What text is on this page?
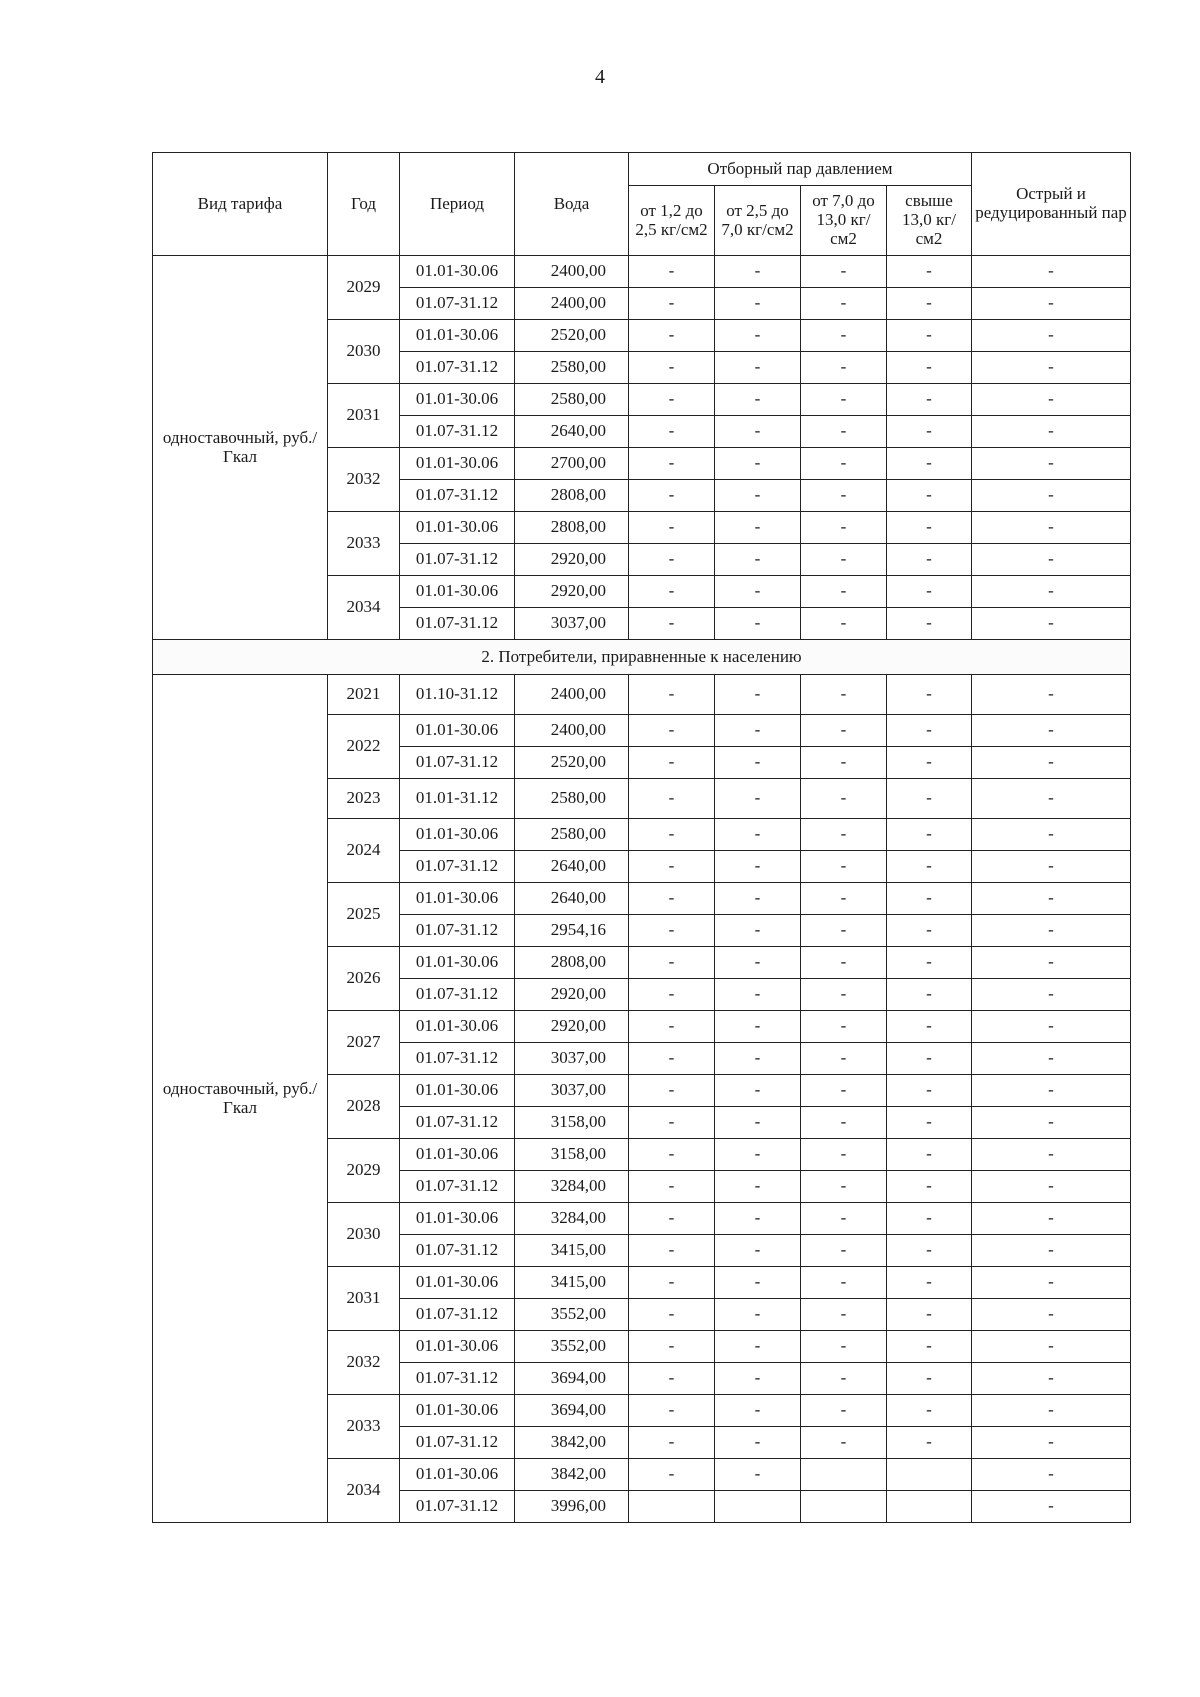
4
Вид тарифа	Год	Период	Вода	Отборный пар давлением				Острый и редуцированный пар
				от 1,2 до 2,5 кг/см2	от 2,5 до 7,0 кг/см2	от 7,0 до 13,0 кг/см2	свыше 13,0 кг/см2	
одноставочный, руб./Гкал	2029	01.01-30.06	2400,00	-	-	-	-	-
		01.07-31.12	2400,00	-	-	-	-	-
	2030	01.01-30.06	2520,00	-	-	-	-	-
		01.07-31.12	2580,00	-	-	-	-	-
	2031	01.01-30.06	2580,00	-	-	-	-	-
		01.07-31.12	2640,00	-	-	-	-	-
	2032	01.01-30.06	2700,00	-	-	-	-	-
		01.07-31.12	2808,00	-	-	-	-	-
	2033	01.01-30.06	2808,00	-	-	-	-	-
		01.07-31.12	2920,00	-	-	-	-	-
	2034	01.01-30.06	2920,00	-	-	-	-	-
		01.07-31.12	3037,00	-	-	-	-	-
2. Потребители, приравненные к населению								
одноставочный, руб./Гкал	2021	01.10-31.12	2400,00	-	-	-	-	-
	2022	01.01-30.06	2400,00	-	-	-	-	-
		01.07-31.12	2520,00	-	-	-	-	-
	2023	01.01-31.12	2580,00	-	-	-	-	-
	2024	01.01-30.06	2580,00	-	-	-	-	-
		01.07-31.12	2640,00	-	-	-	-	-
	2025	01.01-30.06	2640,00	-	-	-	-	-
		01.07-31.12	2954,16	-	-	-	-	-
	2026	01.01-30.06	2808,00	-	-	-	-	-
		01.07-31.12	2920,00	-	-	-	-	-
	2027	01.01-30.06	2920,00	-	-	-	-	-
		01.07-31.12	3037,00	-	-	-	-	-
	2028	01.01-30.06	3037,00	-	-	-	-	-
		01.07-31.12	3158,00	-	-	-	-	-
	2029	01.01-30.06	3158,00	-	-	-	-	-
		01.07-31.12	3284,00	-	-	-	-	-
	2030	01.01-30.06	3284,00	-	-	-	-	-
		01.07-31.12	3415,00	-	-	-	-	-
	2031	01.01-30.06	3415,00	-	-	-	-	-
		01.07-31.12	3552,00	-	-	-	-	-
	2032	01.01-30.06	3552,00	-	-	-	-	-
		01.07-31.12	3694,00	-	-	-	-	-
	2033	01.01-30.06	3694,00	-	-	-	-	-
		01.07-31.12	3842,00	-	-	-	-	-
	2034	01.01-30.06	3842,00	-	-			-
		01.07-31.12	3996,00					-
